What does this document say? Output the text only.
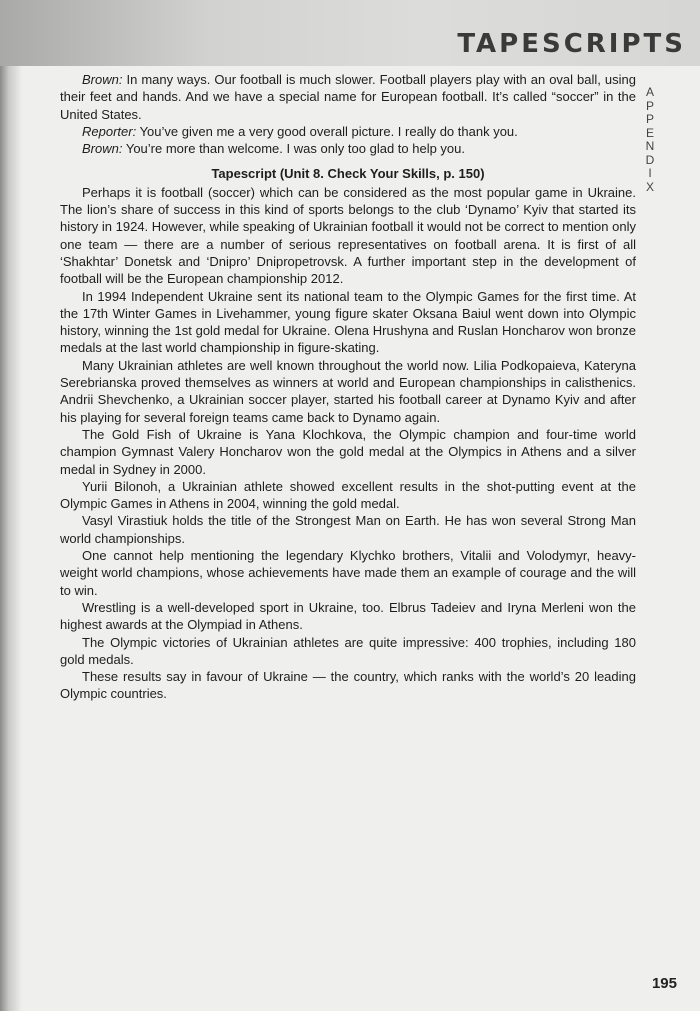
TAPESCRIPTS
A
P
P
E
N
D
I
X

Brown: In many ways. Our football is much slower. Football players play with an oval ball, using their feet and hands. And we have a special name for European football. It’s called “soccer” in the United States.

Reporter: You’ve given me a very good overall picture. I really do thank you.

Brown: You’re more than welcome. I was only too glad to help you.

Tapescript (Unit 8. Check Your Skills, p. 150)

Perhaps it is football (soccer) which can be considered as the most popular game in Ukraine. The lion’s share of success in this kind of sports belongs to the club ‘Dynamo’ Kyiv that started its history in 1924. However, while speaking of Ukrainian football it would not be correct to mention only one team — there are a number of serious representatives on football arena. It is first of all ‘Shakhtar’ Donetsk and ‘Dnipro’ Dnipropetrovsk. A further important step in the development of football will be the European championship 2012.

In 1994 Independent Ukraine sent its national team to the Olympic Games for the first time. At the 17th Winter Games in Livehammer, young figure skater Oksana Baiul went down into Olympic history, winning the 1st gold medal for Ukraine. Olena Hrushyna and Ruslan Honcharov won bronze medals at the last world championship in figure-skating.

Many Ukrainian athletes are well known throughout the world now. Lilia Podkopaieva, Kateryna Serebrianska proved themselves as winners at world and European championships in calisthenics. Andrii Shevchenko, a Ukrainian soccer player, started his football career at Dynamo Kyiv and after his playing for several foreign teams came back to Dynamo again.

The Gold Fish of Ukraine is Yana Klochkova, the Olympic champion and four-time world champion Gymnast Valery Honcharov won the gold medal at the Olympics in Athens and a silver medal in Sydney in 2000.

Yurii Bilonoh, a Ukrainian athlete showed excellent results in the shot-putting event at the Olympic Games in Athens in 2004, winning the gold medal.

Vasyl Virastiuk holds the title of the Strongest Man on Earth. He has won several Strong Man world championships.

One cannot help mentioning the legendary Klychko brothers, Vitalii and Volodymyr, heavy-weight world champions, whose achievements have made them an example of courage and the will to win.

Wrestling is a well-developed sport in Ukraine, too. Elbrus Tadeiev and Iryna Merleni won the highest awards at the Olympiad in Athens.

The Olympic victories of Ukrainian athletes are quite impressive: 400 trophies, including 180 gold medals.

These results say in favour of Ukraine — the country, which ranks with the world’s 20 leading Olympic countries.

195
